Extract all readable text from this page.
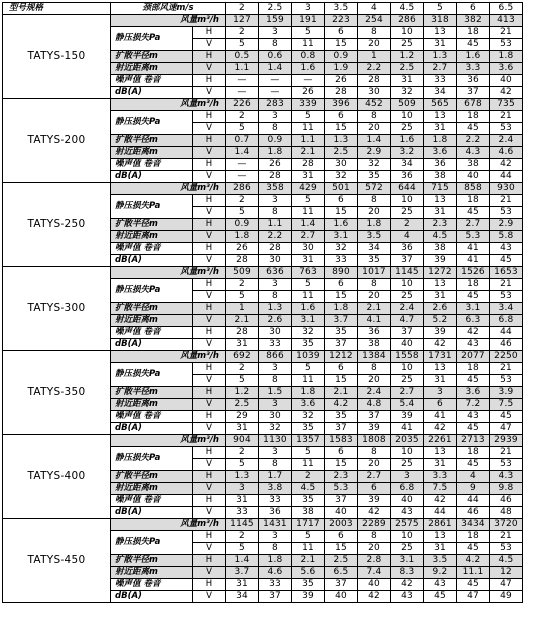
型号规格	颈部风速m/s		2	2.5	3	3.5	4	4.5	5	6	6.5
TATYS-150	风量m³/h		127	159	191	223	254	286	318	382	413
	静压损失Pa	H	2	3	5	6	8	10	13	18	21
		V	5	8	11	15	20	25	31	45	53
	扩散半径m	H	0.5	0.6	0.8	0.9	1	1.2	1.3	1.6	1.8
	射近距离m	V	1.1	1.4	1.6	1.9	2.2	2.5	2.7	3.3	3.6
	噪声值 卷音	H	—	—	—	26	28	31	33	36	40
	dB(A)	V	—	—	26	28	30	32	34	37	42
TATYS-200	风量m³/h		226	283	339	396	452	509	565	678	735
	静压损失Pa	H	2	3	5	6	8	10	13	18	21
		V	5	8	11	15	20	25	31	45	53
	扩散半径m	H	0.7	0.9	1.1	1.3	1.4	1.6	1.8	2.2	2.4
	射近距离m	V	1.4	1.8	2.1	2.5	2.9	3.2	3.6	4.3	4.6
	噪声值 卷音	H	—	26	28	30	32	34	36	38	42
	dB(A)	V	—	28	31	32	35	36	38	40	44
TATYS-250	风量m³/h		286	358	429	501	572	644	715	858	930
	静压损失Pa	H	2	3	5	6	8	10	13	18	21
		V	5	8	11	15	20	25	31	45	53
	扩散半径m	H	0.9	1.1	1.4	1.6	1.8	2	2.3	2.7	2.9
	射近距离m	V	1.8	2.2	2.7	3.1	3.5	4	4.5	5.3	5.8
	噪声值 卷音	H	26	28	30	32	34	36	38	41	43
	dB(A)	V	28	30	31	33	35	37	39	41	45
TATYS-300	风量m³/h		509	636	763	890	1017	1145	1272	1526	1653
	静压损失Pa	H	2	3	5	6	8	10	13	18	21
		V	5	8	11	15	20	25	31	45	53
	扩散半径m	H	1	1.3	1.6	1.8	2.1	2.4	2.6	3.1	3.4
	射近距离m	V	2.1	2.6	3.1	3.7	4.1	4.7	5.2	6.3	6.8
	噪声值 卷音	H	28	30	32	35	36	37	39	42	44
	dB(A)	V	31	33	35	37	38	40	42	43	46
TATYS-350	风量m³/h		692	866	1039	1212	1384	1558	1731	2077	2250
	静压损失Pa	H	2	3	5	6	8	10	13	18	21
		V	5	8	11	15	20	25	31	45	53
	扩散半径m	H	1.2	1.5	1.8	2.1	2.4	2.7	3	3.6	3.9
	射近距离m	V	2.5	3	3.6	4.2	4.8	5.4	6	7.2	7.5
	噪声值 卷音	H	29	30	32	35	37	39	41	43	45
	dB(A)	V	31	32	35	37	39	41	42	45	47
TATYS-400	风量m³/h		904	1130	1357	1583	1808	2035	2261	2713	2939
	静压损失Pa	H	2	3	5	6	8	10	13	18	21
		V	5	8	11	15	20	25	31	45	53
	扩散半径m	H	1.3	1.7	2	2.3	2.7	3	3.3	4	4.3
	射近距离m	V	3	3.8	4.5	5.3	6	6.8	7.5	9	9.8
	噪声值 卷音	H	31	33	35	37	39	40	42	44	46
	dB(A)	V	33	36	38	40	42	43	44	46	48
TATYS-450	风量m³/h		1145	1431	1717	2003	2289	2575	2861	3434	3720
	静压损失Pa	H	2	3	5	6	8	10	13	18	21
		V	5	8	11	15	20	25	31	45	53
	扩散半径m	H	1.4	1.8	2.1	2.5	2.8	3.1	3.5	4.2	4.5
	射近距离m	V	3.7	4.6	5.6	6.5	7.4	8.3	9.2	11.1	12
	噪声值 卷音	H	31	33	35	37	40	42	43	45	47
	dB(A)	V	34	37	39	40	42	43	45	47	49
